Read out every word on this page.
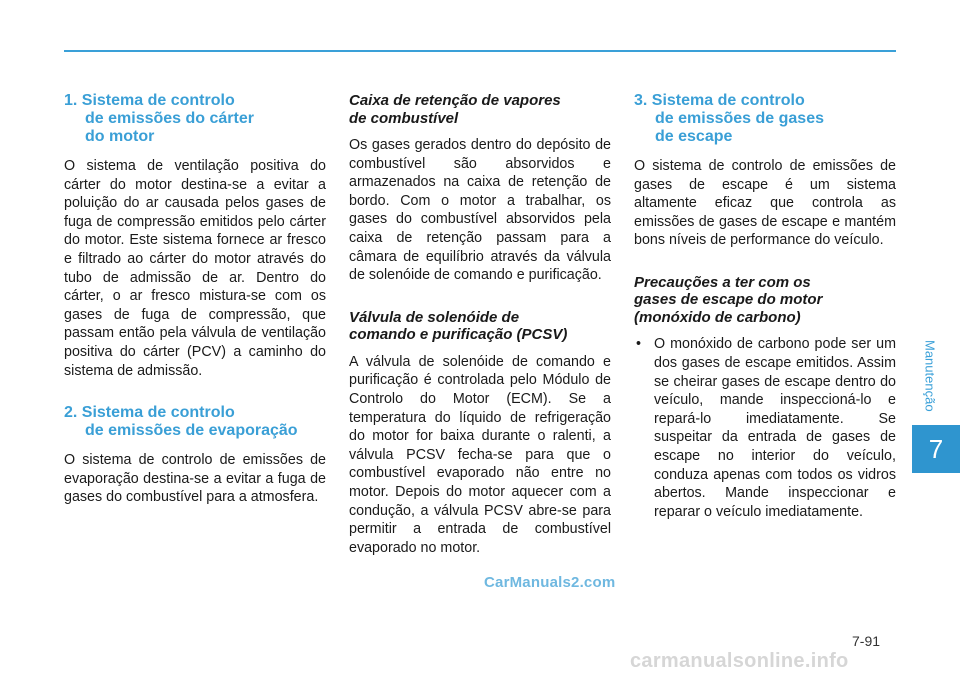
1. Sistema de controlo
de emissões do cárter
do motor

O sistema de ventilação positiva do cárter do motor destina-se a evitar a poluição do ar causada pelos gases de fuga de compressão emitidos pelo cárter do motor. Este sistema fornece ar fresco e filtrado ao cárter do motor através do tubo de admissão de ar. Dentro do cárter, o ar fresco mistura-se com os gases de fuga de compressão, que passam então pela válvula de ventilação positiva do cárter (PCV) a caminho do sistema de admissão.

2. Sistema de controlo
de emissões de evaporação

O sistema de controlo de emissões de evaporação destina-se a evitar a fuga de gases do combustível para a atmosfera.

Caixa de retenção de vapores
de combustível

Os gases gerados dentro do depósito de combustível são absorvidos e armazenados na caixa de retenção de bordo. Com o motor a trabalhar, os gases do combustível absorvidos pela caixa de retenção passam para a câmara de equilíbrio através da válvula de solenóide de comando e purificação.

Válvula de solenóide de
comando e purificação (PCSV)

A válvula de solenóide de comando e purificação é controlada pelo Módulo de Controlo do Motor (ECM). Se a temperatura do líquido de refrigeração do motor for baixa durante o ralenti, a válvula PCSV fecha-se para que o combustível evaporado não entre no motor. Depois do motor aquecer com a condução, a válvula PCSV abre-se para permitir a entrada de combustível evaporado no motor.

3. Sistema de controlo
de emissões de gases
de escape

O sistema de controlo de emissões de gases de escape é um sistema altamente eficaz que controla as emissões de gases de escape e mantém bons níveis de performance do veículo.

Precauções a ter com os
gases de escape do motor
(monóxido de carbono)
• O monóxido de carbono pode ser um dos gases de escape emitidos. Assim se cheirar gases de escape dentro do veículo, mande inspeccioná-lo e repará-lo imediatamente. Se suspeitar da entrada de gases de escape no interior do veículo, conduza apenas com todos os vidros abertos. Mande inspeccionar e reparar o veículo imediatamente.
Manutenção
7
CarManuals2.com
7-91
carmanualsonline.info
